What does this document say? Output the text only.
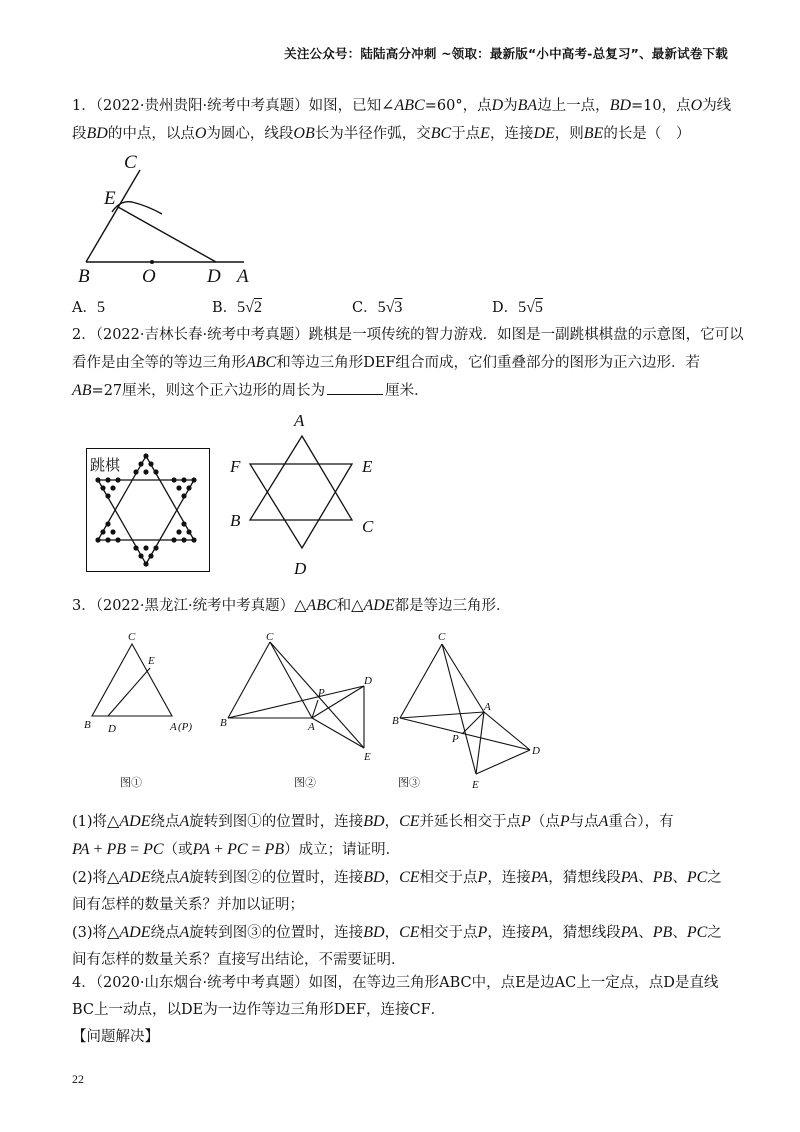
关注公众号：陆陆高分冲刺 ~领取：最新版“小中高考-总复习”、最新试卷下载
1．（2022·贵州贵阳·统考中考真题）如图，已知∠ABC=60°，点D为BA边上一点，BD=10，点O为线
段BD的中点，以点O为圆心，线段OB长为半径作弧，交BC于点E，连接DE，则BE的长是（　）
C
E
B	O	D A
A．5	B．5√2	C．5√3	D．5√5
2．（2022·吉林长春·统考中考真题）跳棋是一项传统的智力游戏．如图是一副跳棋棋盘的示意图，它可以
看作是由全等的等边三角形ABC和等边三角形DEF组合而成，它们重叠部分的图形为正六边形．若
AB=27厘米，则这个正六边形的周长为	厘米．
跳棋
A
F	E
B	C
D
3．（2022·黑龙江·统考中考真题）△ABC和△ADE都是等边三角形．
C
E
B D	A (P)
图①
C
D
P
B	A
E
图②
C
B
A
P
D
E
图③
(1)将△ADE绕点A旋转到图①的位置时，连接BD，CE并延长相交于点P（点P与点A重合），有
PA + PB = PC（或PA + PC = PB）成立；请证明．
(2)将△ADE绕点A旋转到图②的位置时，连接BD，CE相交于点P，连接PA，猜想线段PA、PB、PC之
间有怎样的数量关系？并加以证明；
(3)将△ADE绕点A旋转到图③的位置时，连接BD，CE相交于点P，连接PA，猜想线段PA、PB、PC之
间有怎样的数量关系？直接写出结论，不需要证明．
4．（2020·山东烟台·统考中考真题）如图，在等边三角形ABC中，点E是边AC上一定点，点D是直线
BC上一动点，以DE为一边作等边三角形DEF，连接CF．
【问题解决】
22
